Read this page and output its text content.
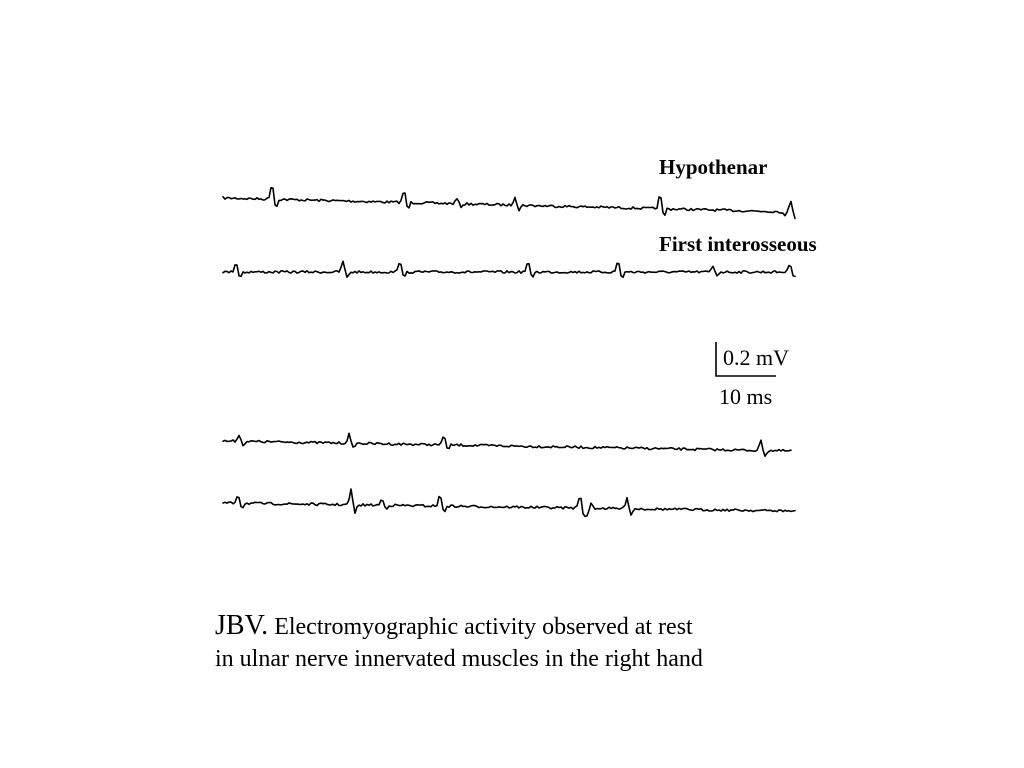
Hypothenar
First interosseous
0.2 mV
10 ms
JBV. Electromyographic activity observed at rest
in ulnar nerve innervated muscles in the right hand
